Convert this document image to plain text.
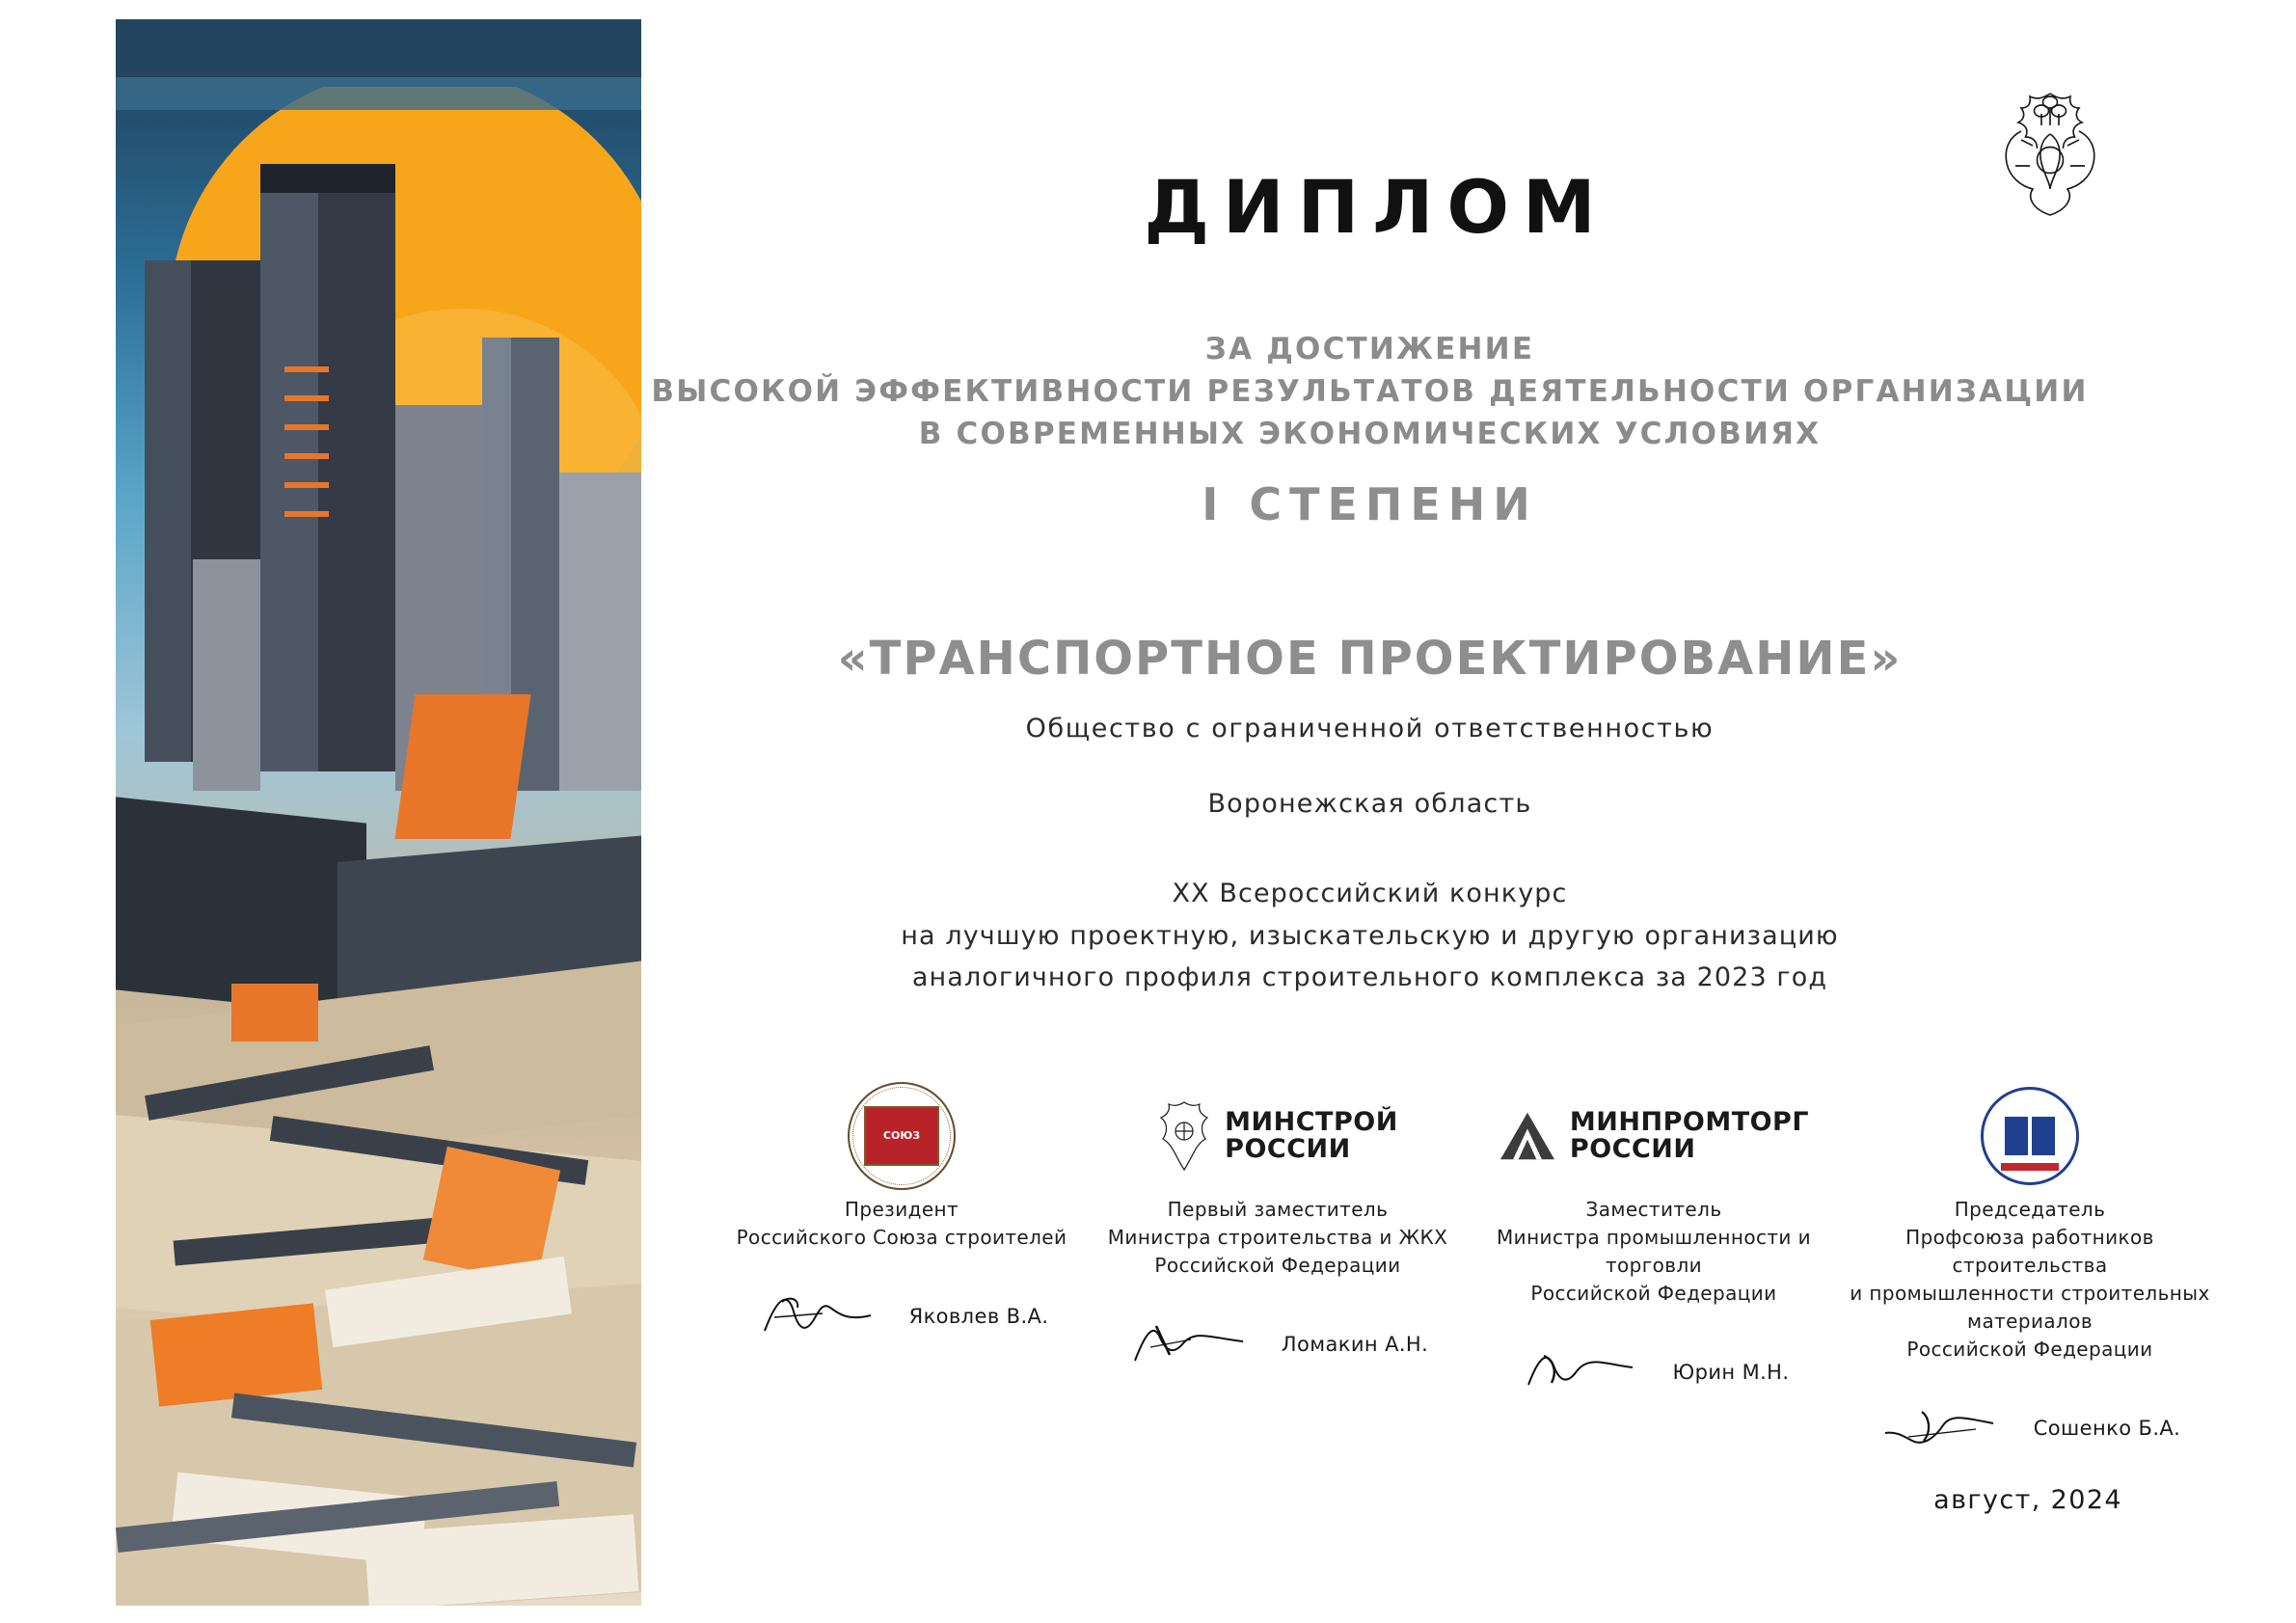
ДИПЛОМ
ЗА ДОСТИЖЕНИЕ
ВЫСОКОЙ ЭФФЕКТИВНОСТИ РЕЗУЛЬТАТОВ ДЕЯТЕЛЬНОСТИ ОРГАНИЗАЦИИ
В СОВРЕМЕННЫХ ЭКОНОМИЧЕСКИХ УСЛОВИЯХ
I СТЕПЕНИ
«ТРАНСПОРТНОЕ ПРОЕКТИРОВАНИЕ»
Общество с ограниченной ответственностью
Воронежская область
XX Всероссийский конкурс
на лучшую проектную, изыскательскую и другую организацию
аналогичного профиля строительного комплекса за 2023 год
СОЮЗ
Президент
Российского Союза строителей
Яковлев В.А.
МИНСТРОЙ
РОССИИ
Первый заместитель
Министра строительства и ЖКХ
Российской Федерации
Ломакин А.Н.
МИНПРОМТОРГ
РОССИИ
Заместитель
Министра промышленности и торговли
Российской Федерации
Юрин М.Н.
Председатель
Профсоюза работников строительства
и промышленности строительных материалов
Российской Федерации
Сошенко Б.А.
август, 2024
